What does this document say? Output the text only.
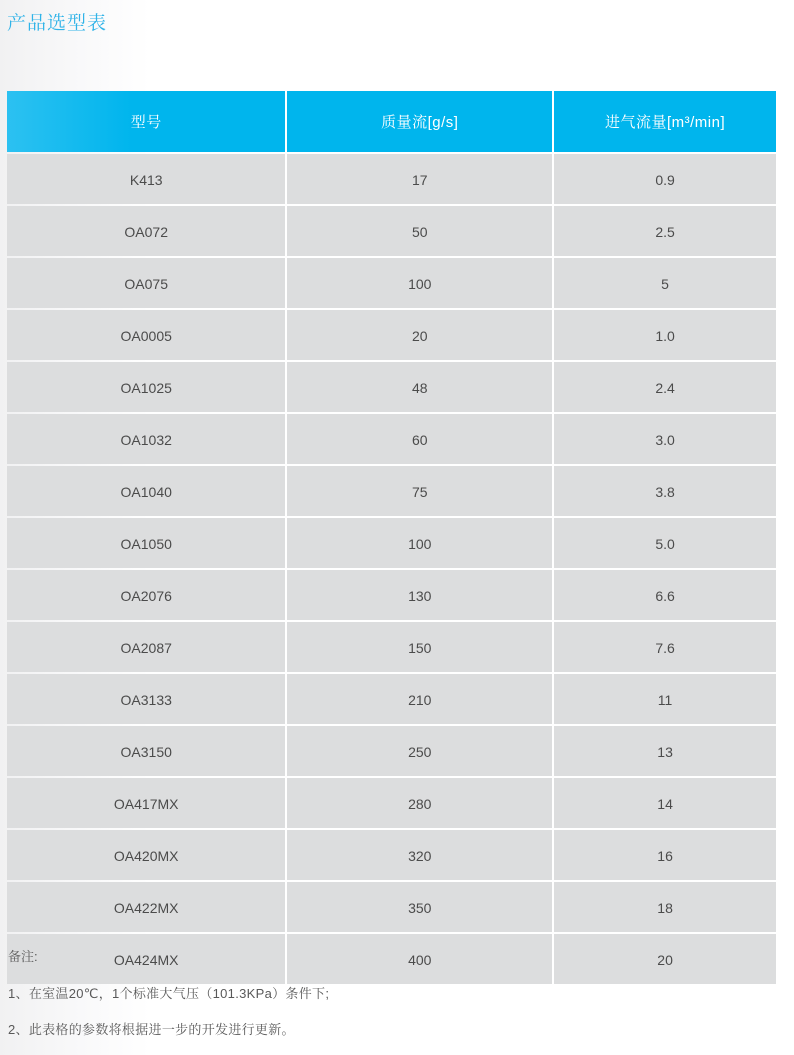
产品选型表
型号	质量流[g/s]	进气流量[m³/min]
K413	17	0.9
OA072	50	2.5
OA075	100	5
OA0005	20	1.0
OA1025	48	2.4
OA1032	60	3.0
OA1040	75	3.8
OA1050	100	5.0
OA2076	130	6.6
OA2087	150	7.6
OA3133	210	11
OA3150	250	13
OA417MX	280	14
OA420MX	320	16
OA422MX	350	18
OA424MX	400	20

备注:

1、在室温20℃，1个标准大气压（101.3KPa）条件下;

2、此表格的参数将根据进一步的开发进行更新。
